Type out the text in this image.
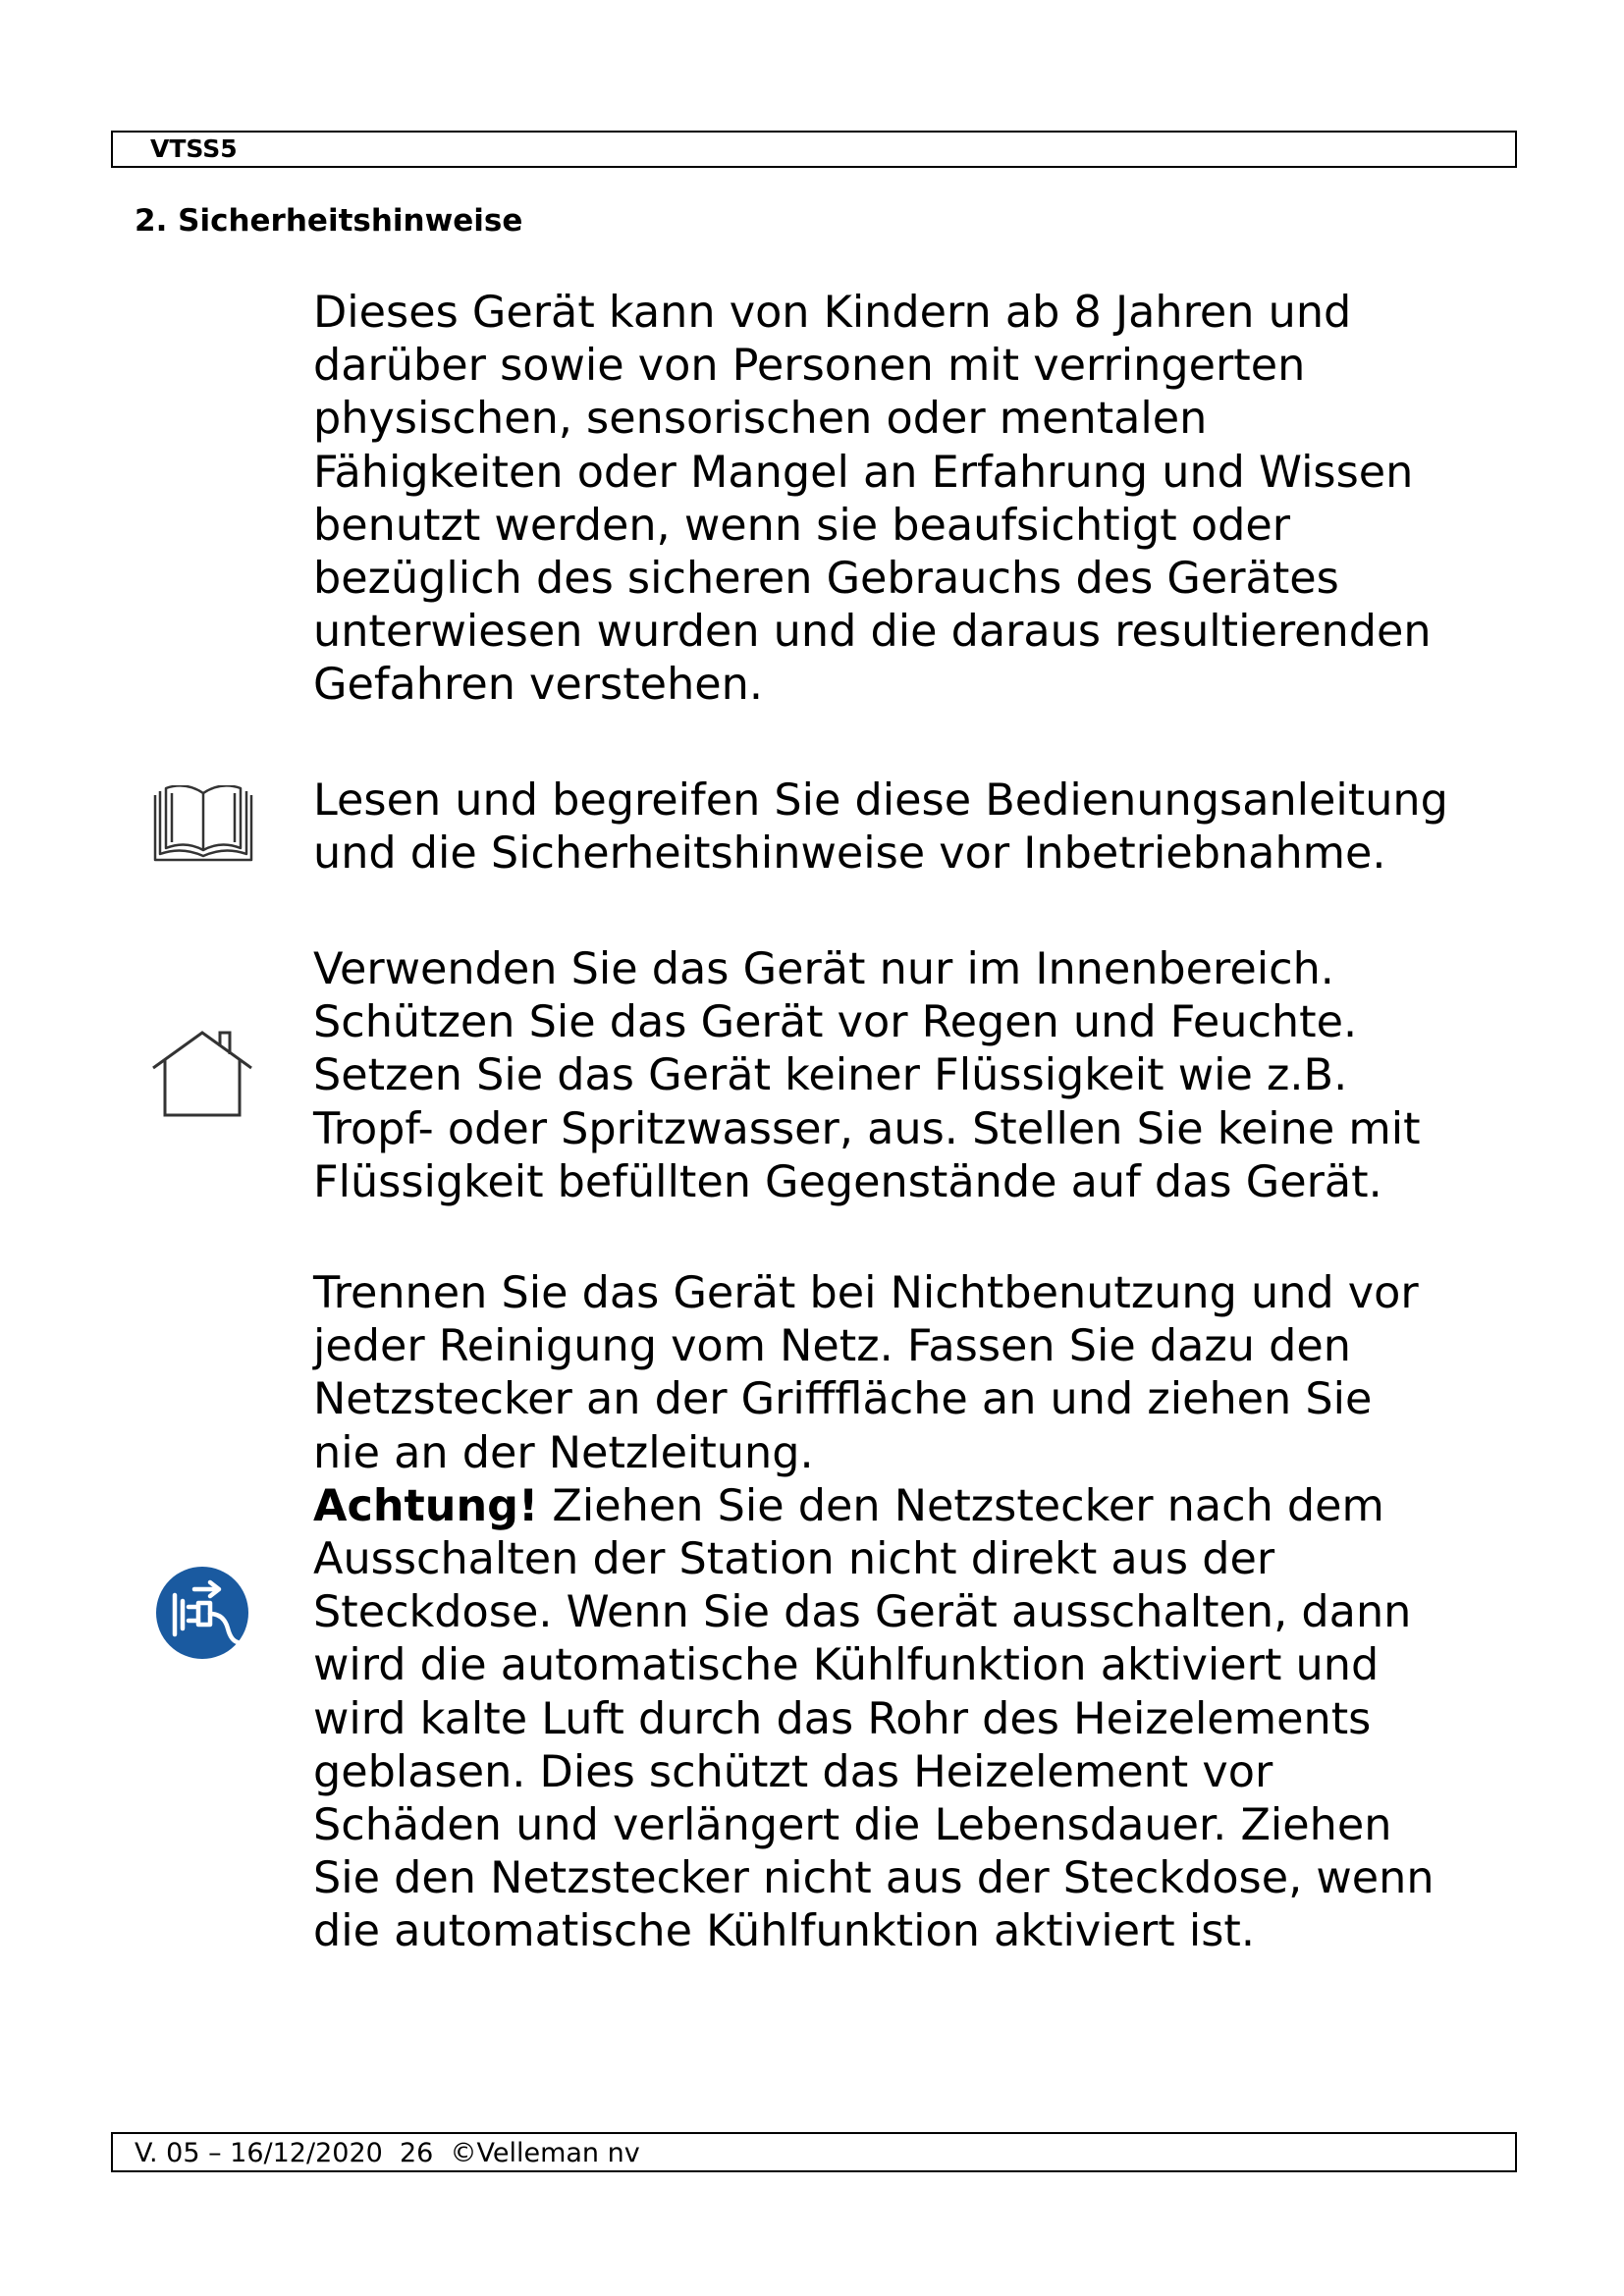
VTSS5
2. Sicherheitshinweise

Dieses Gerät kann von Kindern ab 8 Jahren und
darüber sowie von Personen mit verringerten
physischen, sensorischen oder mentalen
Fähigkeiten oder Mangel an Erfahrung und Wissen
benutzt werden, wenn sie beaufsichtigt oder
bezüglich des sicheren Gebrauchs des Gerätes
unterwiesen wurden und die daraus resultierenden
Gefahren verstehen.

Lesen und begreifen Sie diese Bedienungsanleitung
und die Sicherheitshinweise vor Inbetriebnahme.

Verwenden Sie das Gerät nur im Innenbereich.
Schützen Sie das Gerät vor Regen und Feuchte.
Setzen Sie das Gerät keiner Flüssigkeit wie z.B.
Tropf- oder Spritzwasser, aus. Stellen Sie keine mit
Flüssigkeit befüllten Gegenstände auf das Gerät.

Trennen Sie das Gerät bei Nichtbenutzung und vor
jeder Reinigung vom Netz. Fassen Sie dazu den
Netzstecker an der Grifffläche an und ziehen Sie
nie an der Netzleitung.
Achtung! Ziehen Sie den Netzstecker nach dem
Ausschalten der Station nicht direkt aus der
Steckdose. Wenn Sie das Gerät ausschalten, dann
wird die automatische Kühlfunktion aktiviert und
wird kalte Luft durch das Rohr des Heizelements
geblasen. Dies schützt das Heizelement vor
Schäden und verlängert die Lebensdauer. Ziehen
Sie den Netzstecker nicht aus der Steckdose, wenn
die automatische Kühlfunktion aktiviert ist.

V. 05 – 16/12/2020  26  ©Velleman nv
